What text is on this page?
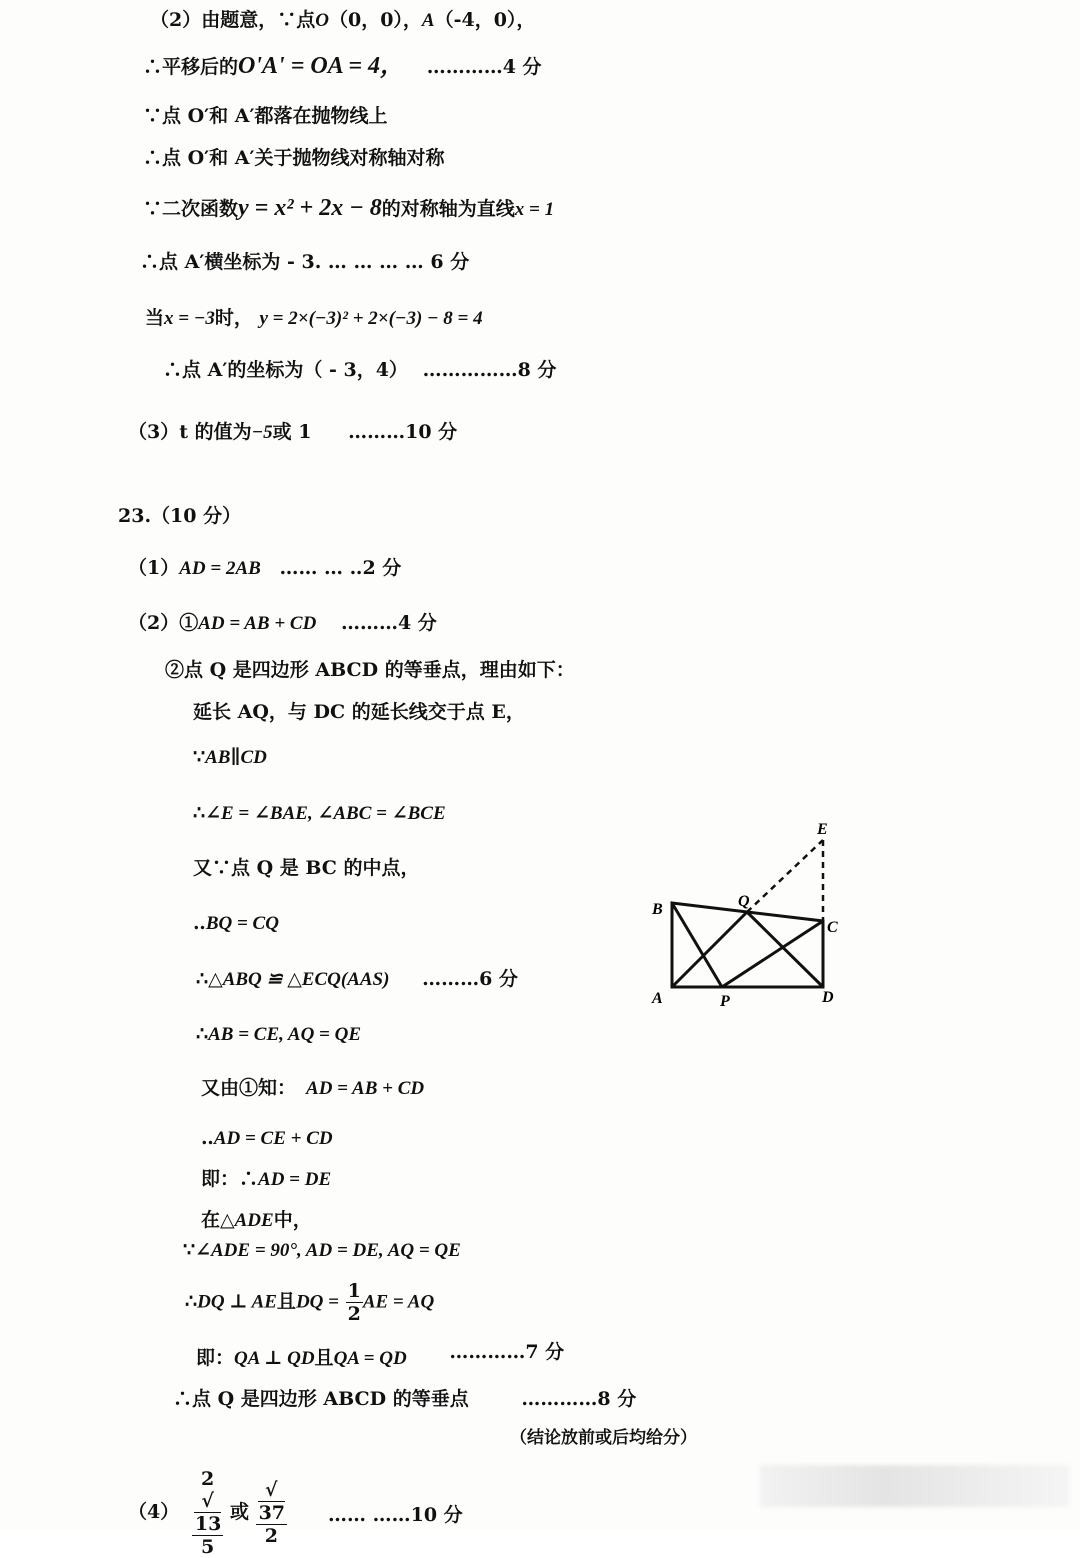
（2）由题意，∵点O（0，0），A（-4，0），
∴平移后的O'A' = OA = 4， …………4 分
∵点 O′和 A′都落在抛物线上
∴点 O′和 A′关于抛物线对称轴对称
∵二次函数y = x² + 2x − 8的对称轴为直线x = 1
∴点 A′横坐标为 - 3. … … … … 6 分
当x = −3时， y = 2×(−3)² + 2×(−3) − 8 = 4
∴点 A′的坐标为（ - 3，4） ……………8 分
（3）t 的值为−5或 1 ………10 分
23.（10 分）
（1）AD = 2AB …… … ‥2 分
（2）①AD = AB + CD ………4 分
②点 Q 是四边形 ABCD 的等垂点，理由如下：
延长 AQ，与 DC 的延长线交于点 E，
∵AB∥CD
∴∠E = ∠BAE, ∠ABC = ∠BCE
又∵点 Q 是 BC 的中点，
‥BQ = CQ
∴△ABQ ≌ △ECQ(AAS) ………6 分
∴AB = CE, AQ = QE
又由①知： AD = AB + CD
‥AD = CE + CD
即：∴AD = DE
在△ADE中，
∵∠ADE = 90°, AD = DE, AQ = QE
∴DQ ⊥ AE且DQ = $\frac{1}{2}$ AE = AQ
即：QA ⊥ QD且QA = QD …………7 分
∴点 Q 是四边形 ABCD 的等垂点	…………8 分
（结论放前或后均给分）
（4） 2
√
13
5 或 √
37
2 …… ……10 分
E
Q
B
C
A	P	D
